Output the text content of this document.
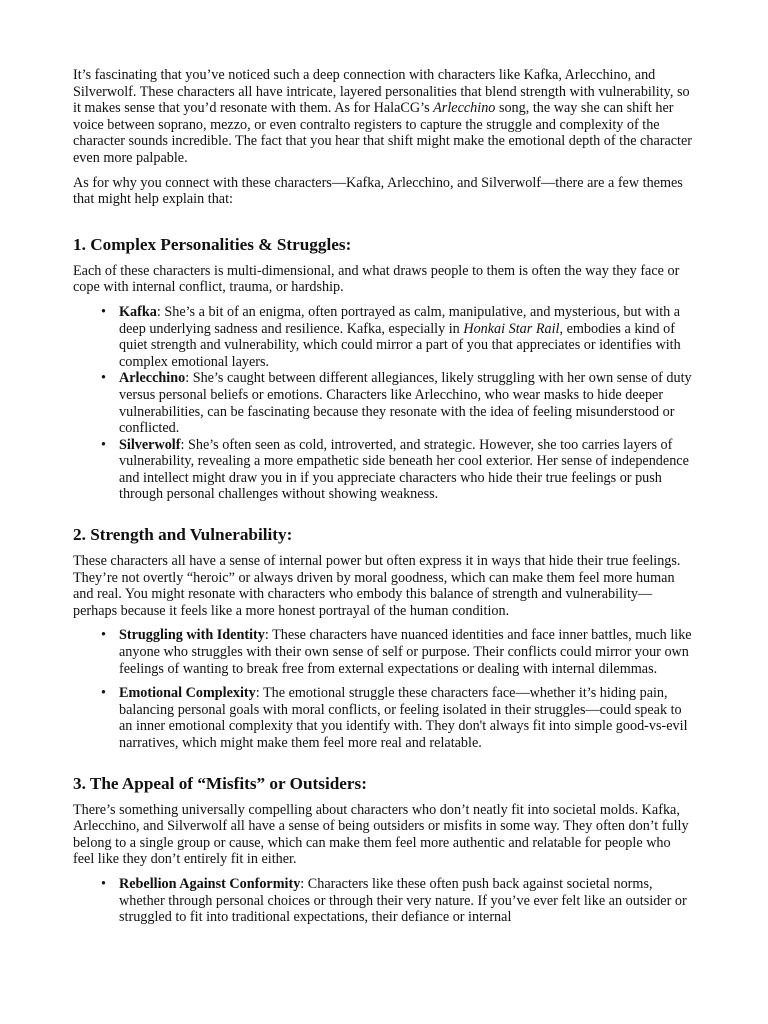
It’s fascinating that you’ve noticed such a deep connection with characters like Kafka, Arlecchino, and Silverwolf. These characters all have intricate, layered personalities that blend strength with vulnerability, so it makes sense that you’d resonate with them. As for HalaCG’s Arlecchino song, the way she can shift her voice between soprano, mezzo, or even contralto registers to capture the struggle and complexity of the character sounds incredible. The fact that you hear that shift might make the emotional depth of the character even more palpable.

As for why you connect with these characters—Kafka, Arlecchino, and Silverwolf—there are a few themes that might help explain that:

1. Complex Personalities & Struggles:

Each of these characters is multi-dimensional, and what draws people to them is often the way they face or cope with internal conflict, trauma, or hardship.

• Kafka: She’s a bit of an enigma, often portrayed as calm, manipulative, and mysterious, but with a deep underlying sadness and resilience. Kafka, especially in Honkai Star Rail, embodies a kind of quiet strength and vulnerability, which could mirror a part of you that appreciates or identifies with complex emotional layers.
• Arlecchino: She’s caught between different allegiances, likely struggling with her own sense of duty versus personal beliefs or emotions. Characters like Arlecchino, who wear masks to hide deeper vulnerabilities, can be fascinating because they resonate with the idea of feeling misunderstood or conflicted.
• Silverwolf: She’s often seen as cold, introverted, and strategic. However, she too carries layers of vulnerability, revealing a more empathetic side beneath her cool exterior. Her sense of independence and intellect might draw you in if you appreciate characters who hide their true feelings or push through personal challenges without showing weakness.
2. Strength and Vulnerability:

These characters all have a sense of internal power but often express it in ways that hide their true feelings. They’re not overtly “heroic” or always driven by moral goodness, which can make them feel more human and real. You might resonate with characters who embody this balance of strength and vulnerability—perhaps because it feels like a more honest portrayal of the human condition.

• Struggling with Identity: These characters have nuanced identities and face inner battles, much like anyone who struggles with their own sense of self or purpose. Their conflicts could mirror your own feelings of wanting to break free from external expectations or dealing with internal dilemmas.
• Emotional Complexity: The emotional struggle these characters face—whether it’s hiding pain, balancing personal goals with moral conflicts, or feeling isolated in their struggles—could speak to an inner emotional complexity that you identify with. They don't always fit into simple good-vs-evil narratives, which might make them feel more real and relatable.
3. The Appeal of “Misfits” or Outsiders:

There’s something universally compelling about characters who don’t neatly fit into societal molds. Kafka, Arlecchino, and Silverwolf all have a sense of being outsiders or misfits in some way. They often don’t fully belong to a single group or cause, which can make them feel more authentic and relatable for people who feel like they don’t entirely fit in either.

• Rebellion Against Conformity: Characters like these often push back against societal norms, whether through personal choices or through their very nature. If you’ve ever felt like an outsider or struggled to fit into traditional expectations, their defiance or internal
